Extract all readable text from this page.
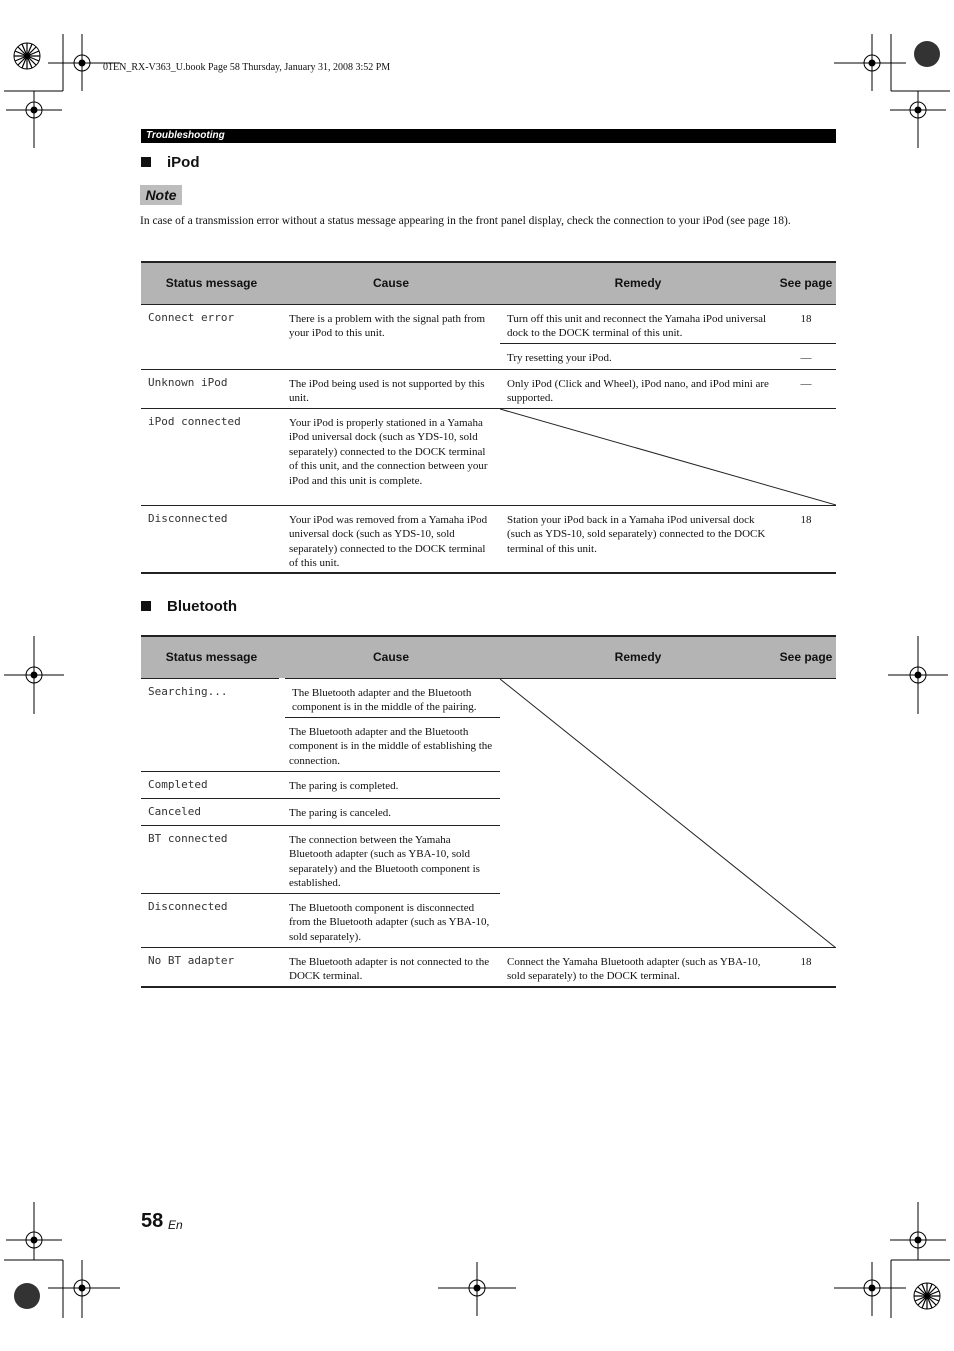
01EN_RX-V363_U.book Page 58 Thursday, January 31, 2008 3:52 PM
Troubleshooting
iPod
Note
In case of a transmission error without a status message appearing in the front panel display, check the connection to your iPod (see page 18).
Status message	Cause	Remedy	See page
Connect error	There is a problem with the signal path from your iPod to this unit.	Turn off this unit and reconnect the Yamaha iPod universal dock to the DOCK terminal of this unit.	18
		Try resetting your iPod.	—
Unknown iPod	The iPod being used is not supported by this unit.	Only iPod (Click and Wheel), iPod nano, and iPod mini are supported.	—
iPod connected	Your iPod is properly stationed in a Yamaha iPod universal dock (such as YDS-10, sold separately) connected to the DOCK terminal of this unit, and the connection between your iPod and this unit is complete.	

Disconnected	Your iPod was removed from a Yamaha iPod universal dock (such as YDS-10, sold separately) connected to the DOCK terminal of this unit.	Station your iPod back in a Yamaha iPod universal dock (such as YDS-10, sold separately) connected to the DOCK terminal of this unit.	18
Bluetooth
Status message	Cause	Remedy	See page
Searching...	The Bluetooth adapter and the Bluetooth component is in the middle of the pairing.	

	The Bluetooth adapter and the Bluetooth component is in the middle of establishing the connection.		
Completed	The paring is completed.		
Canceled	The paring is canceled.		
BT connected	The connection between the Yamaha Bluetooth adapter (such as YBA-10, sold separately) and the Bluetooth component is established.		
Disconnected	The Bluetooth component is disconnected from the Bluetooth adapter (such as YBA-10, sold separately).		
No BT adapter	The Bluetooth adapter is not connected to the DOCK terminal.	Connect the Yamaha Bluetooth adapter (such as YBA-10, sold separately) to the DOCK terminal.	18
58 En
